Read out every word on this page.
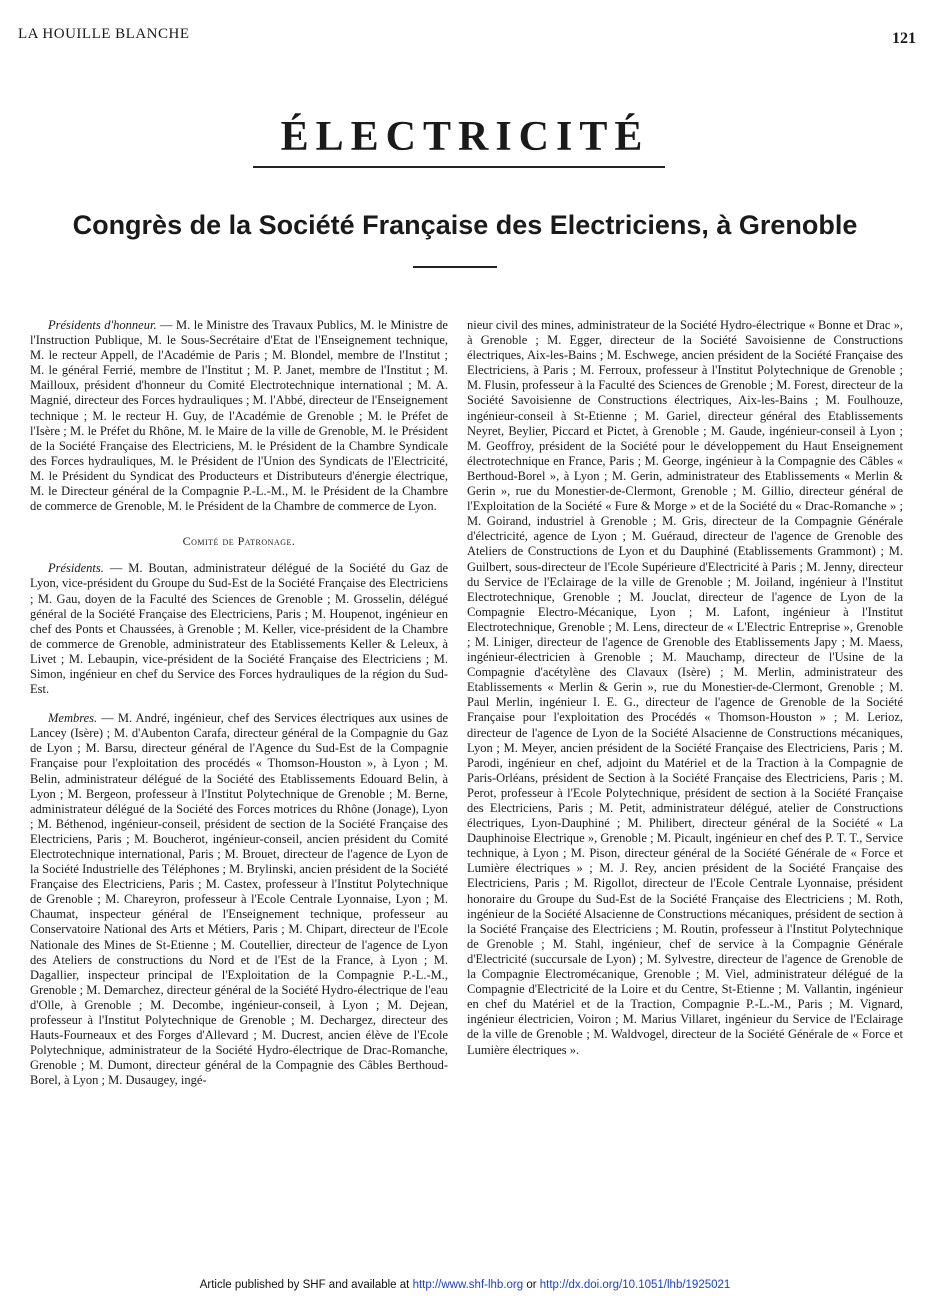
LA HOUILLE BLANCHE	121
ÉLECTRICITÉ
Congrès de la Société Française des Electriciens, à Grenoble

Présidents d'honneur. — M. le Ministre des Travaux Publics, M. le Ministre de l'Instruction Publique, M. le Sous-Secrétaire d'Etat de l'Enseignement technique, M. le recteur Appell, de l'Académie de Paris ; M. Blondel, membre de l'Institut ; M. le général Ferrié, membre de l'Institut ; M. P. Janet, membre de l'Institut ; M. Mailloux, président d'honneur du Comité Electrotechnique international ; M. A. Magnié, directeur des Forces hydrauliques ; M. l'Abbé, directeur de l'Enseignement technique ; M. le recteur H. Guy, de l'Académie de Grenoble ; M. le Préfet de l'Isère ; M. le Préfet du Rhône, M. le Maire de la ville de Grenoble, M. le Président de la Société Française des Electriciens, M. le Président de la Chambre Syndicale des Forces hydrauliques, M. le Président de l'Union des Syndicats de l'Electricité, M. le Président du Syndicat des Producteurs et Distributeurs d'énergie électrique, M. le Directeur général de la Compagnie P.-L.-M., M. le Président de la Chambre de commerce de Grenoble, M. le Président de la Chambre de commerce de Lyon.

Comité de Patronage.

Présidents. — M. Boutan, administrateur délégué de la Société du Gaz de Lyon, vice-président du Groupe du Sud-Est de la Société Française des Electriciens ; M. Gau, doyen de la Faculté des Sciences de Grenoble ; M. Grosselin, délégué général de la Société Française des Electriciens, Paris ; M. Houpenot, ingénieur en chef des Ponts et Chaussées, à Grenoble ; M. Keller, vice-président de la Chambre de commerce de Grenoble, administrateur des Etablissements Keller & Leleux, à Livet ; M. Lebaupin, vice-président de la Société Française des Electriciens ; M. Simon, ingénieur en chef du Service des Forces hydrauliques de la région du Sud-Est.

Membres. — M. André, ingénieur, chef des Services électriques aux usines de Lancey (Isère) ; M. d'Aubenton Carafa, directeur général de la Compagnie du Gaz de Lyon ; M. Barsu, directeur général de l'Agence du Sud-Est de la Compagnie Française pour l'exploitation des procédés « Thomson-Houston », à Lyon ; M. Belin, administrateur délégué de la Société des Etablissements Edouard Belin, à Lyon ; M. Bergeon, professeur à l'Institut Polytechnique de Grenoble ; M. Berne, administrateur délégué de la Société des Forces motrices du Rhône (Jonage), Lyon ; M. Béthenod, ingénieur-conseil, président de section de la Société Française des Electriciens, Paris ; M. Boucherot, ingénieur-conseil, ancien président du Comité Electrotechnique international, Paris ; M. Brouet, directeur de l'agence de Lyon de la Société Industrielle des Téléphones ; M. Brylinski, ancien président de la Société Française des Electriciens, Paris ; M. Castex, professeur à l'Institut Polytechnique de Grenoble ; M. Chareyron, professeur à l'Ecole Centrale Lyonnaise, Lyon ; M. Chaumat, inspecteur général de l'Enseignement technique, professeur au Conservatoire National des Arts et Métiers, Paris ; M. Chipart, directeur de l'Ecole Nationale des Mines de St-Etienne ; M. Coutellier, directeur de l'agence de Lyon des Ateliers de constructions du Nord et de l'Est de la France, à Lyon ; M. Dagallier, inspecteur principal de l'Exploitation de la Compagnie P.-L.-M., Grenoble ; M. Demarchez, directeur général de la Société Hydro-électrique de l'eau d'Olle, à Grenoble ; M. Decombe, ingénieur-conseil, à Lyon ; M. Dejean, professeur à l'Institut Polytechnique de Grenoble ; M. Dechargez, directeur des Hauts-Fourneaux et des Forges d'Allevard ; M. Ducrest, ancien élève de l'Ecole Polytechnique, administrateur de la Société Hydro-électrique de Drac-Romanche, Grenoble ; M. Dumont, directeur général de la Compagnie des Câbles Berthoud-Borel, à Lyon ; M. Dusaugey, ingé-

nieur civil des mines, administrateur de la Société Hydro-électrique « Bonne et Drac », à Grenoble ; M. Egger, directeur de la Société Savoisienne de Constructions électriques, Aix-les-Bains ; M. Eschwege, ancien président de la Société Française des Electriciens, à Paris ; M. Ferroux, professeur à l'Institut Polytechnique de Grenoble ; M. Flusin, professeur à la Faculté des Sciences de Grenoble ; M. Forest, directeur de la Société Savoisienne de Constructions électriques, Aix-les-Bains ; M. Foulhouze, ingénieur-conseil à St-Etienne ; M. Gariel, directeur général des Etablissements Neyret, Beylier, Piccard et Pictet, à Grenoble ; M. Gaude, ingénieur-conseil à Lyon ; M. Geoffroy, président de la Société pour le développement du Haut Enseignement électrotechnique en France, Paris ; M. George, ingénieur à la Compagnie des Câbles « Berthoud-Borel », à Lyon ; M. Gerin, administrateur des Etablissements « Merlin & Gerin », rue du Monestier-de-Clermont, Grenoble ; M. Gillio, directeur général de l'Exploitation de la Société « Fure & Morge » et de la Société du « Drac-Romanche » ; M. Goirand, industriel à Grenoble ; M. Gris, directeur de la Compagnie Générale d'électricité, agence de Lyon ; M. Guéraud, directeur de l'agence de Grenoble des Ateliers de Constructions de Lyon et du Dauphiné (Etablissements Grammont) ; M. Guilbert, sous-directeur de l'Ecole Supérieure d'Electricité à Paris ; M. Jenny, directeur du Service de l'Eclairage de la ville de Grenoble ; M. Joiland, ingénieur à l'Institut Electrotechnique, Grenoble ; M. Jouclat, directeur de l'agence de Lyon de la Compagnie Electro-Mécanique, Lyon ; M. Lafont, ingénieur à l'Institut Electrotechnique, Grenoble ; M. Lens, directeur de « L'Electric Entreprise », Grenoble ; M. Liniger, directeur de l'agence de Grenoble des Etablissements Japy ; M. Maess, ingénieur-électricien à Grenoble ; M. Mauchamp, directeur de l'Usine de la Compagnie d'acétylène des Clavaux (Isère) ; M. Merlin, administrateur des Etablissements « Merlin & Gerin », rue du Monestier-de-Clermont, Grenoble ; M. Paul Merlin, ingénieur I. E. G., directeur de l'agence de Grenoble de la Société Française pour l'exploitation des Procédés « Thomson-Houston » ; M. Lerioz, directeur de l'agence de Lyon de la Société Alsacienne de Constructions mécaniques, Lyon ; M. Meyer, ancien président de la Société Française des Electriciens, Paris ; M. Parodi, ingénieur en chef, adjoint du Matériel et de la Traction à la Compagnie de Paris-Orléans, président de Section à la Société Française des Electriciens, Paris ; M. Perot, professeur à l'Ecole Polytechnique, président de section à la Société Française des Electriciens, Paris ; M. Petit, administrateur délégué, atelier de Constructions électriques, Lyon-Dauphiné ; M. Philibert, directeur général de la Société « La Dauphinoise Electrique », Grenoble ; M. Picault, ingénieur en chef des P. T. T., Service technique, à Lyon ; M. Pison, directeur général de la Société Générale de « Force et Lumière électriques » ; M. J. Rey, ancien président de la Société Française des Electriciens, Paris ; M. Rigollot, directeur de l'Ecole Centrale Lyonnaise, président honoraire du Groupe du Sud-Est de la Société Française des Electriciens ; M. Roth, ingénieur de la Société Alsacienne de Constructions mécaniques, président de section à la Société Française des Electriciens ; M. Routin, professeur à l'Institut Polytechnique de Grenoble ; M. Stahl, ingénieur, chef de service à la Compagnie Générale d'Electricité (succursale de Lyon) ; M. Sylvestre, directeur de l'agence de Grenoble de la Compagnie Electromécanique, Grenoble ; M. Viel, administrateur délégué de la Compagnie d'Electricité de la Loire et du Centre, St-Etienne ; M. Vallantin, ingénieur en chef du Matériel et de la Traction, Compagnie P.-L.-M., Paris ; M. Vignard, ingénieur électricien, Voiron ; M. Marius Villaret, ingénieur du Service de l'Eclairage de la ville de Grenoble ; M. Waldvogel, directeur de la Société Générale de « Force et Lumière électriques ».

Article published by SHF and available at http://www.shf-lhb.org or http://dx.doi.org/10.1051/lhb/1925021
